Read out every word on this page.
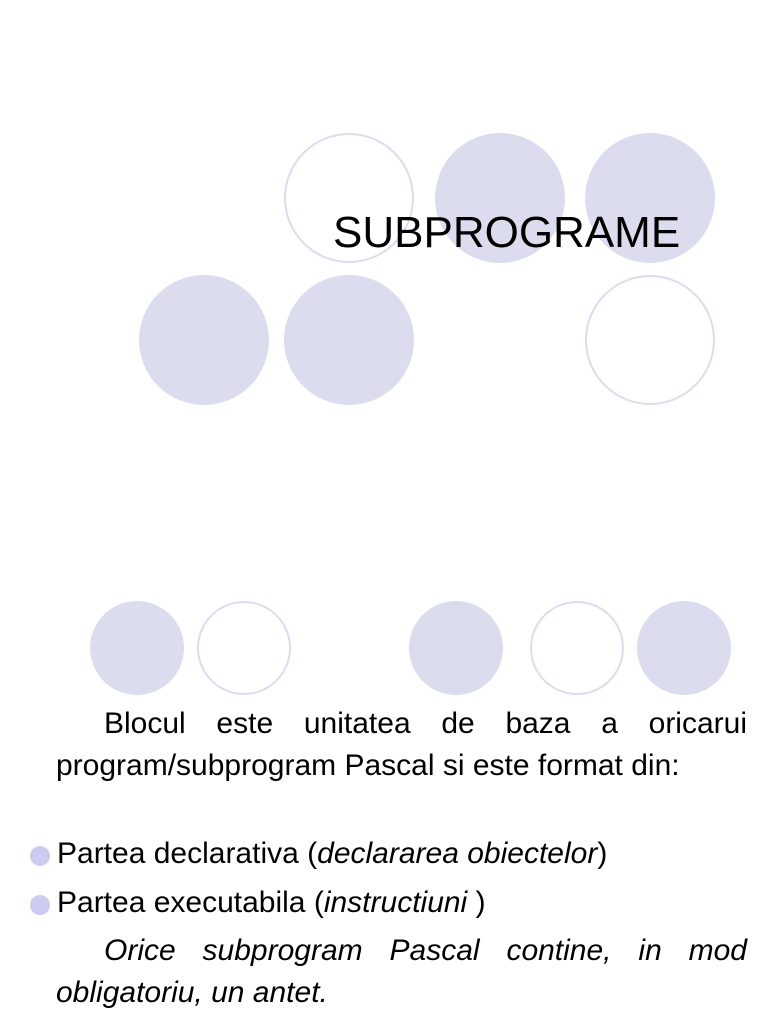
SUBPROGRAME
Blocul este unitatea de baza a oricarui program/subprogram Pascal si este format din:
Partea declarativa (declararea obiectelor)
Partea executabila (instructiuni )
Orice subprogram Pascal contine, in mod obligatoriu, un antet.
